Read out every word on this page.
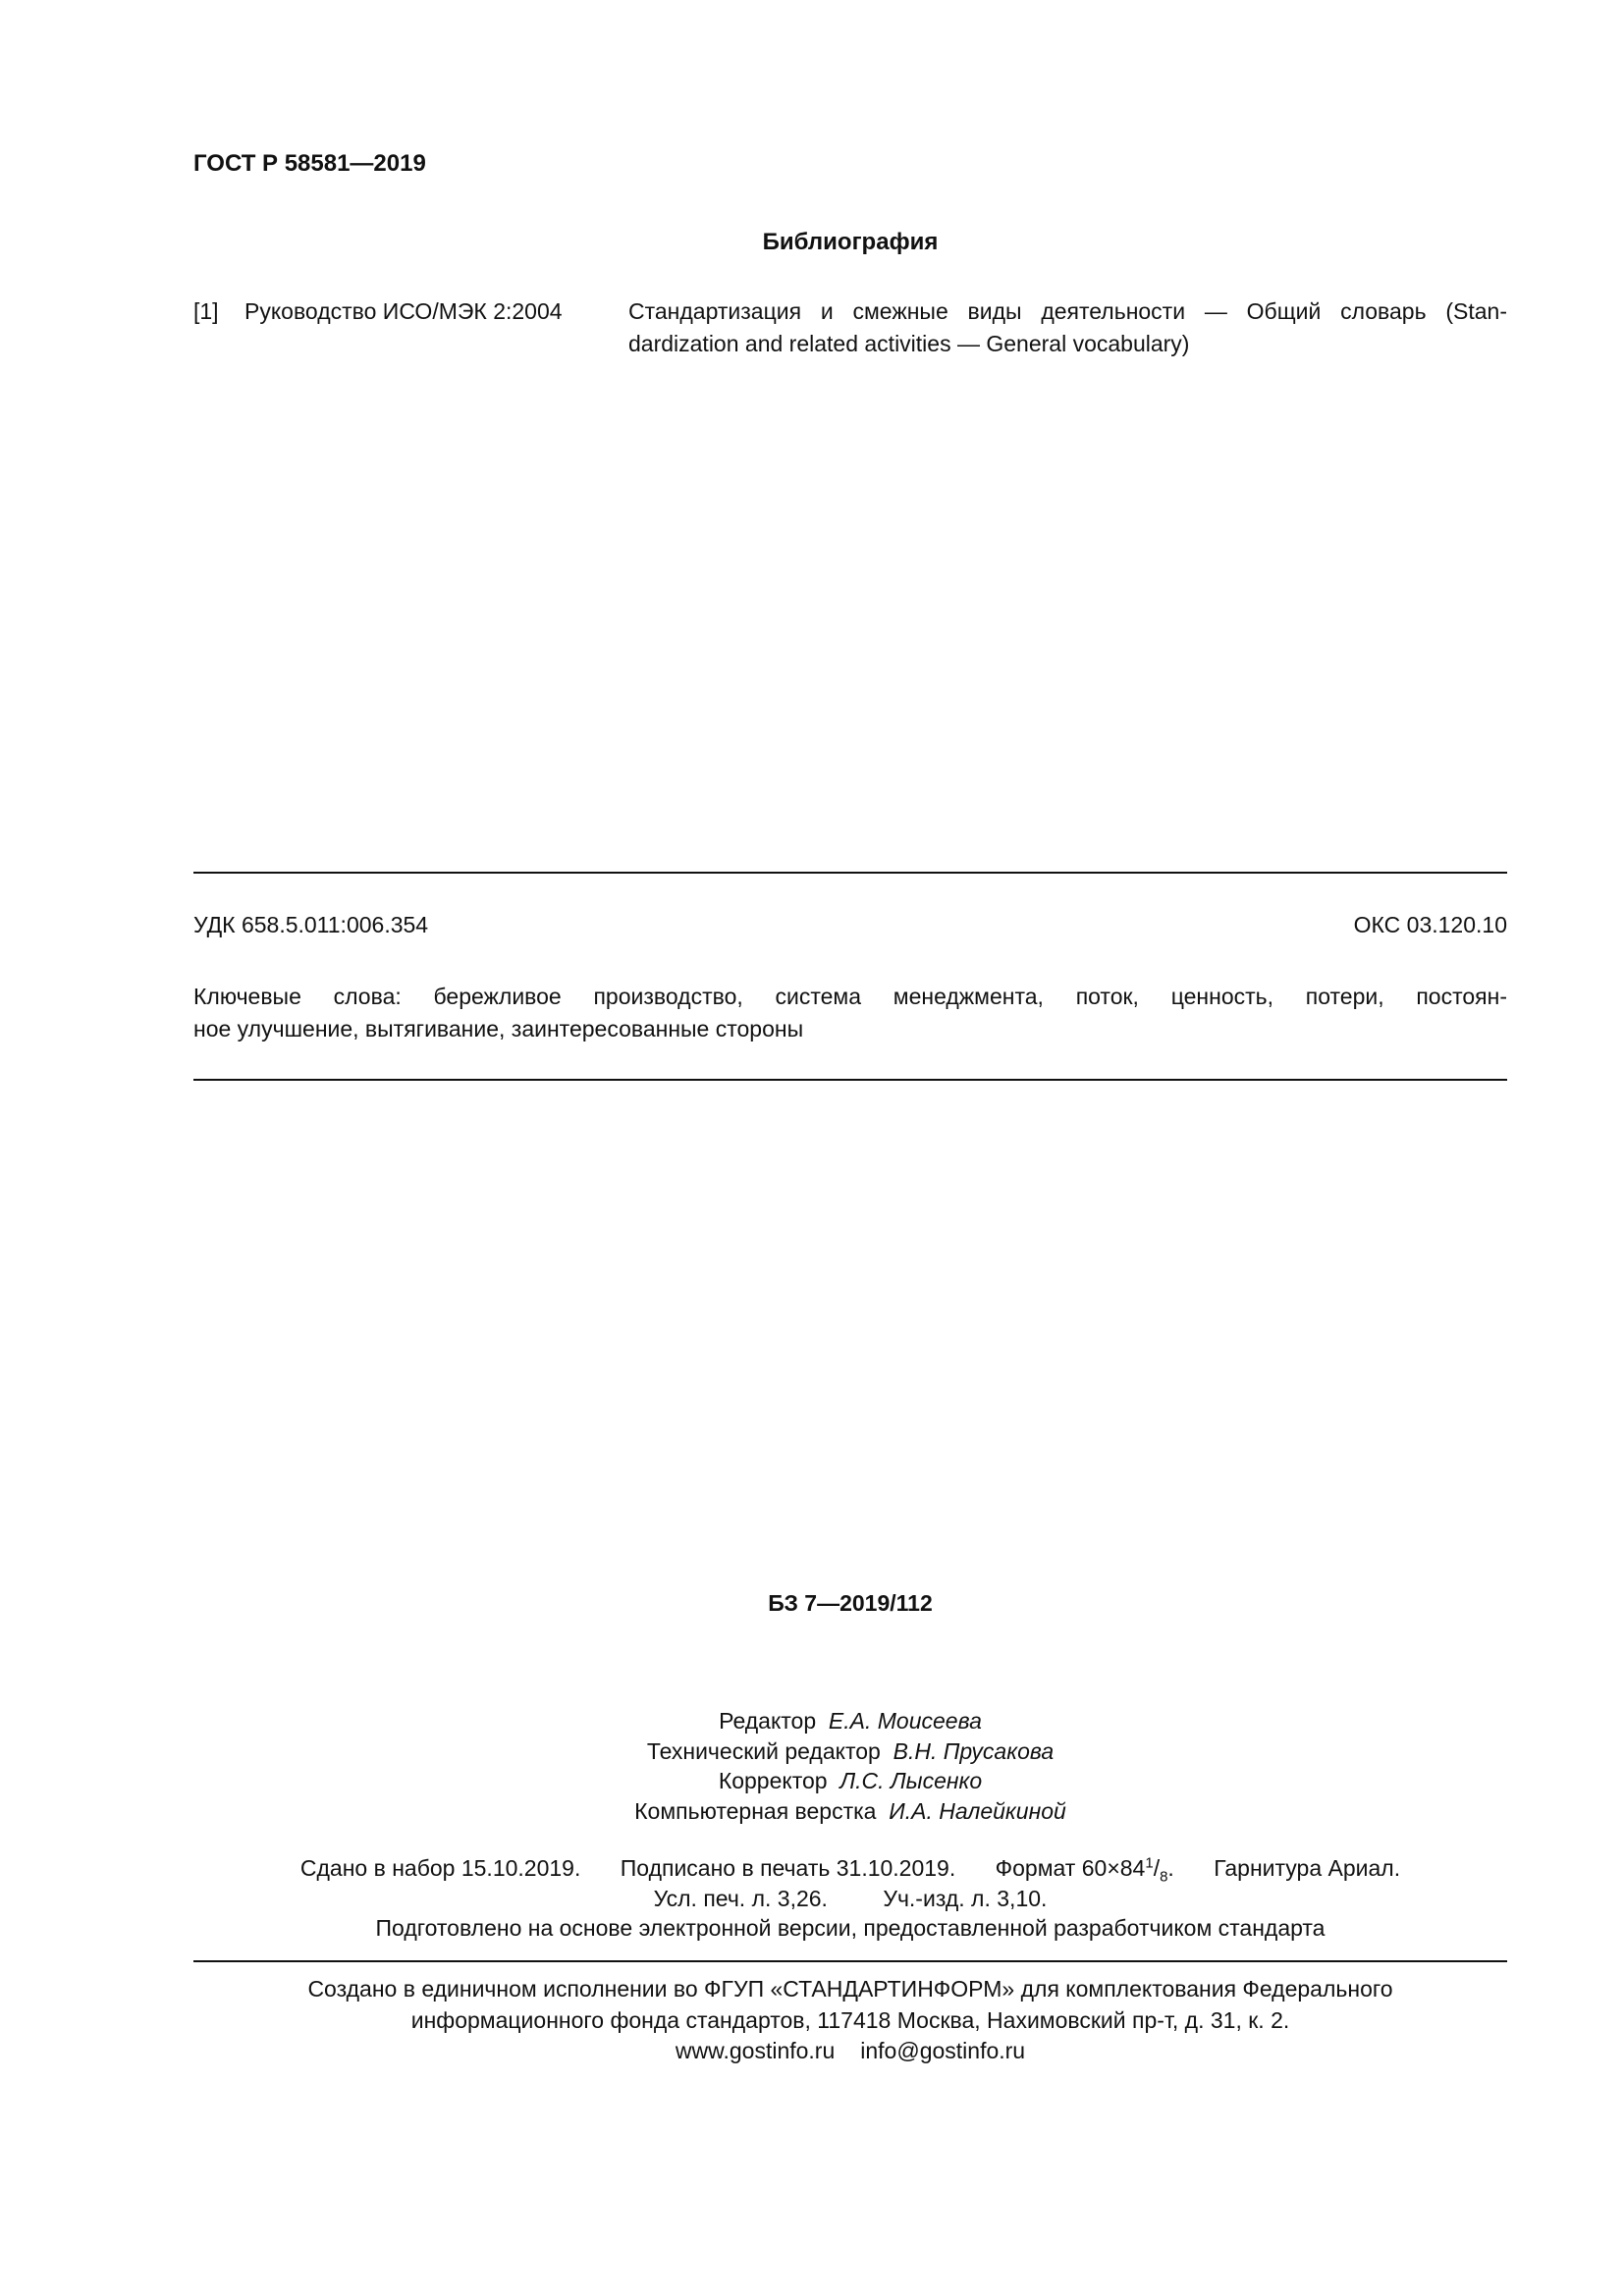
ГОСТ Р 58581—2019
Библиография
[1] Руководство ИСО/МЭК 2:2004	Стандартизация и смежные виды деятельности — Общий словарь (Stan-
dardization and related activities — General vocabulary)
УДК 658.5.011:006.354	ОКС 03.120.10
Ключевые слова: бережливое производство, система менеджмента, поток, ценность, потери, постоян-
ное улучшение, вытягивание, заинтересованные стороны
БЗ 7—2019/112
Редактор Е.А. Моисеева
Технический редактор В.Н. Прусакова
Корректор Л.С. Лысенко
Компьютерная верстка И.А. Налейкиной
Сдано в набор 15.10.2019. Подписано в печать 31.10.2019. Формат $60\times 84^1/_8$. Гарнитура Ариал.
Усл. печ. л. 3,26. Уч.-изд. л. 3,10.
Подготовлено на основе электронной версии, предоставленной разработчиком стандарта
Создано в единичном исполнении во ФГУП «СТАНДАРТИНФОРМ» для комплектования Федерального
информационного фонда стандартов, 117418 Москва, Нахимовский пр-т, д. 31, к. 2.
www.gostinfo.ru info@gostinfo.ru
